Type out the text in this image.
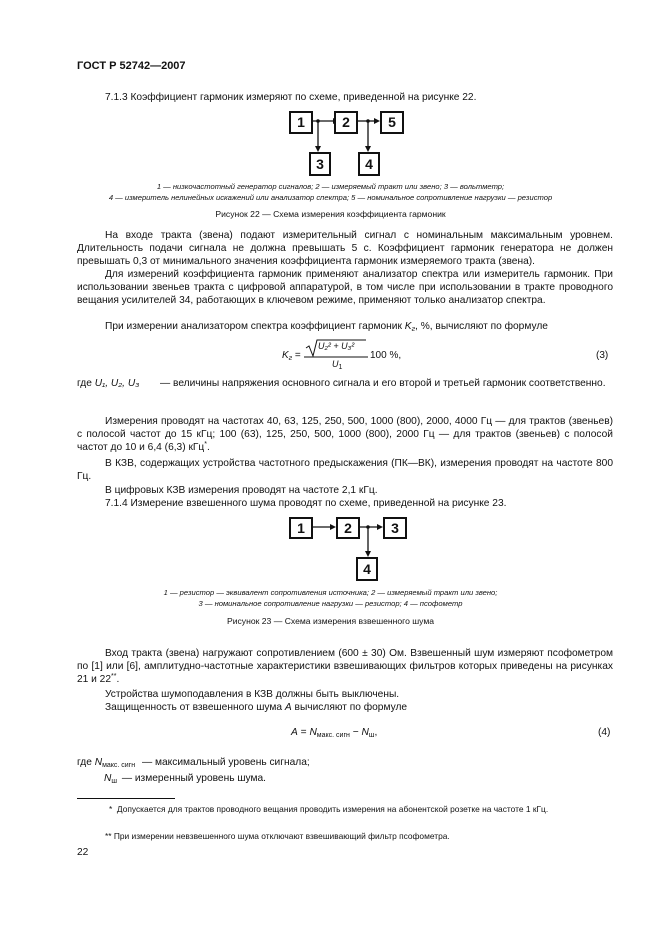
ГОСТ Р 52742—2007
7.1.3 Коэффициент гармоник измеряют по схеме, приведенной на рисунке 22.
1	2	5
3	4
1 — низкочастотный генератор сигналов; 2 — измеряемый тракт или звено; 3 — вольтметр;
4 — измеритель нелинейных искажений или анализатор спектра; 5 — номинальное сопротивление нагрузки — резистор
Рисунок 22 — Схема измерения коэффициента гармоник
На входе тракта (звена) подают измерительный сигнал с номинальным максимальным уровнем. Длительность подачи сигнала не должна превышать 5 с. Коэффициент гармоник генератора не должен превышать 0,3 от минимального значения коэффициента гармоник измеряемого тракта (звена).
Для измерений коэффициента гармоник применяют анализатор спектра или измеритель гармоник. При использовании звеньев тракта с цифровой аппаратурой, в том числе при использовании в тракте проводного вещания усилителей 34, работающих в ключевом режиме, применяют только анализатор спектра.
При измерении анализатором спектра коэффициент гармоник $K_г$, %, вычисляют по формуле
$K_г$ =
U₂² + U₃²
$U_1$
100 %,	(3)
где U₁, U₂, U₃ — величины напряжения основного сигнала и его второй и третьей гармоник соответственно.
Измерения проводят на частотах 40, 63, 125, 250, 500, 1000 (800), 2000, 4000 Гц — для трактов (звеньев) с полосой частот до 15 кГц; 100 (63), 125, 250, 500, 1000 (800), 2000 Гц — для трактов (звеньев) с полосой частот до 10 и 6,4 (6,3) кГц*.
В КЗВ, содержащих устройства частотного предыскажения (ПК—ВК), измерения проводят на частоте 800 Гц.
В цифровых КЗВ измерения проводят на частоте 2,1 кГц.
7.1.4 Измерение взвешенного шума проводят по схеме, приведенной на рисунке 23.
1	2	3
4
1 — резистор — эквивалент сопротивления источника; 2 — измеряемый тракт или звено;
3 — номинальное сопротивление нагрузки — резистор; 4 — псофометр
Рисунок 23 — Схема измерения взвешенного шума
Вход тракта (звена) нагружают сопротивлением (600 ± 30) Ом. Взвешенный шум измеряют псофометром по [1] или [6], амплитудно-частотные характеристики взвешивающих фильтров которых приведены на рисунках 21 и 22**.
Устройства шумоподавления в КЗВ должны быть выключены.
Защищенность от взвешенного шума A вычисляют по формуле
$A = N_{макс. сигн} - N_ш$,	(4)
где $N_{макс. сигн}$ — максимальный уровень сигнала;
$N_ш$ — измеренный уровень шума.
* Допускается для трактов проводного вещания проводить измерения на абонентской розетке на частоте 1 кГц.
** При измерении невзвешенного шума отключают взвешивающий фильтр псофометра.
22
